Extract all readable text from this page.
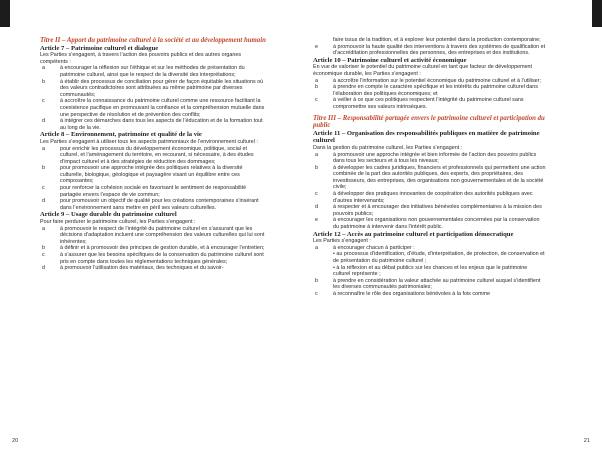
Titre II – Apport du patrimoine culturel à la société et au développement humain
Article 7 – Patrimoine culturel et dialogue
Les Parties s’engagent, à travers l’action des pouvoirs publics et des autres organes compétents :
a	à encourager la réflexion sur l’éthique et sur les méthodes de présentation du patrimoine culturel, ainsi que le respect de la diversité des interprétations;
b	à établir des processus de conciliation pour gérer de façon équitable les situations où des valeurs contradictoires sont attribuées au même patrimoine par diverses communautés;
c	à accroître la connaissance du patrimoine culturel comme une ressource facilitant la coexistence pacifique en promouvant la confiance et la compréhension mutuelle dans une perspective de résolution et de prévention des conflits;
d	à intégrer ces démarches dans tous les aspects de l’éducation et de la formation tout au long de la vie.
Article 8 – Environnement, patrimoine et qualité de la vie
Les Parties s’engagent à utiliser tous les aspects patrimoniaux de l’environnement culturel :
a	pour enrichir les processus du développement économique, politique, social et culturel, et l’aménagement du territoire, en recourant, si nécessaire, à des études d’impact culturel et à des stratégies de réduction des dommages;
b	pour promouvoir une approche intégrée des politiques relatives à la diversité culturelle, biologique, géologique et paysagère visant un équilibre entre ces composantes;
c	pour renforcer la cohésion sociale en favorisant le sentiment de responsabilité partagée envers l’espace de vie commun;
d	pour promouvoir un objectif de qualité pour les créations contemporaines s’insérant dans l’environnement sans mettre en péril ses valeurs culturelles.
Article 9 – Usage durable du patrimoine culturel
Pour faire perdurer le patrimoine culturel, les Parties s’engagent :
a	à promouvoir le respect de l’intégrité du patrimoine culturel en s’assurant que les décisions d’adaptation incluent une compréhension des valeurs culturelles qui lui sont inhérentes;
b	à définir et à promouvoir des principes de gestion durable, et à encourager l’entretien;
c	à s’assurer que les besoins spécifiques de la conservation du patrimoine culturel sont pris en compte dans toutes les réglementations techniques générales;
d	à promouvoir l’utilisation des matériaux, des techniques et du savoir-
faire issus de la tradition, et à explorer leur potentiel dans la production contemporaine;
e	à promouvoir la haute qualité des interventions à travers des systèmes de qualification et d’accréditation professionnelles des personnes, des entreprises et des institutions.
Article 10 – Patrimoine culturel et activité économique
En vue de valoriser le potentiel du patrimoine culturel en tant que facteur de développement économique durable, les Parties s’engagent :
a	à accroître l’information sur le potentiel économique du patrimoine culturel et à l’utiliser;
b	à prendre en compte le caractère spécifique et les intérêts du patrimoine culturel dans l’élaboration des politiques économiques; et
c	à veiller à ce que ces politiques respectent l’intégrité du patrimoine culturel sans compromettre ses valeurs intrinsèques.
Titre III – Responsabilité partagée envers le patrimoine culturel et participation du public
Article 11 – Organisation des responsabilités publiques en matière de patrimoine culturel
Dans la gestion du patrimoine culturel, les Parties s’engagent :
a	à promouvoir une approche intégrée et bien informée de l’action des pouvoirs publics dans tous les secteurs et à tous les niveaux;
b	à développer les cadres juridiques, financiers et professionnels qui permettent une action combinée de la part des autorités publiques, des experts, des propriétaires, des investisseurs, des entreprises, des organisations non gouvernementales et de la société civile;
c	à développer des pratiques innovantes de coopération des autorités publiques avec d’autres intervenants;
d	à respecter et à encourager des initiatives bénévoles complémentaires à la mission des pouvoirs publics;
e	à encourager les organisations non gouvernementales concernées par la conservation du patrimoine à intervenir dans l’intérêt public.
Article 12 – Accès au patrimoine culturel et participation démocratique
Les Parties s’engagent :
a	à encourager chacun à participer :
• au processus d’identification, d’étude, d’interprétation, de protection, de conservation et de présentation du patrimoine culturel ;
• à la réflexion et au débat publics sur les chances et les enjeux que le patrimoine culturel représente ;
b	à prendre en considération la valeur attachée au patrimoine culturel auquel s’identifient les diverses communautés patrimoniales;
c	à reconnaître le rôle des organisations bénévoles à la fois comme
20	21
